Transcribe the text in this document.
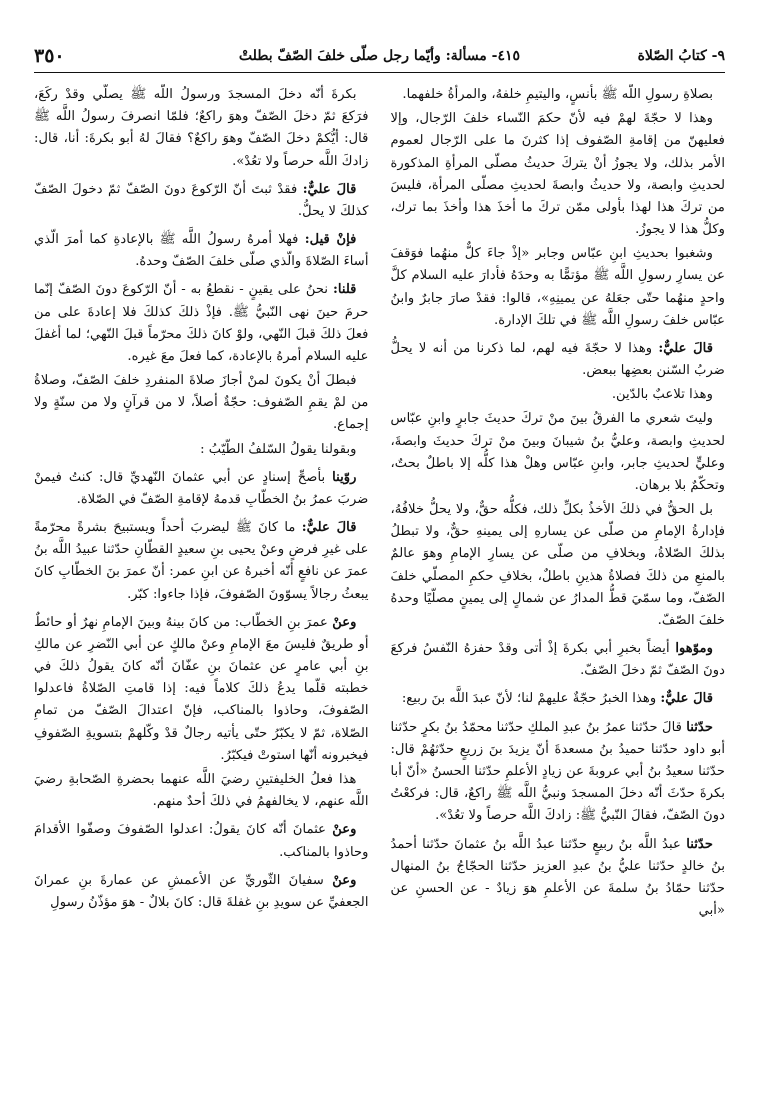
٩- كتابُ الصّلاة
٤١٥- مسألة: وأيّما رجل صلّى خلفَ الصّفّ بطلتْ
٣٥٠

بصلاةِ رسولِ اللَّه ﷺ بأنسٍ، واليتيمِ خلفهُ، والمرأةُ خلفهما.

وهذا لا حجّةَ لهمْ فيه لأنّ حكمَ النّساء خلفَ الرّجال، وإلا فعليهنّ من إقامةِ الصّفوف إذا كثرنَ ما على الرّجال لعموم الأمر بذلك، ولا يجوزُ أنْ يتركَ حديثُ مصلّى المرأةِ المذكورة لحديثِ وابصة، ولا حديثُ وابصةَ لحديثِ مصلّى المرأة، فليسَ من تركَ هذا لهذا بأولى ممّن تركَ ما أخذَ هذا وأخذَ بما ترك، وكلُّ هذا لا يجوزُ.

وشغبوا بحديثِ ابنِ عبّاس وجابر «إذْ جاءَ كلٌّ منهُما فوَقفَ عن يسارِ رسولِ اللَّه ﷺ مؤتمًّا به وحدَهُ فأدارَ عليه السلام كلَّ واحدٍ منهُما حتّى جعَلهُ عن يمينِهِ»، قالوا: فقدْ صارَ جابرٌ وابنُ عبّاس خلفَ رسولِ اللَّه ﷺ في تلكَ الإدارة.

قالَ عليٌّ: وهذا لا حجّةَ فيه لهم، لما ذكرنا من أنه لا يحلُّ ضربُ السّنن بعضِها ببعض.

وهذا تلاعبٌ بالدّين.

وليتَ شعري ما الفرقُ بينَ منْ تركَ حديثَ جابرٍ وابنِ عبّاس لحديثِ وابصة، وعليُّ بنُ شيبانَ وبينَ منْ تركَ حديثَ وابصةَ، وعليٍّ لحديثِ جابر، وابنِ عبّاس وهلْ هذا كلُّه إلا باطلٌ بحتٌ، وتحكّمٌ بلا برهان.

بل الحقُّ في ذلكَ الأخذُ بكلِّ ذلك، فكلُّه حقٌّ، ولا يحلُّ خلافُهُ، فإدارةُ الإمامِ من صلّى عن يسارهِ إلى يمينهِ حقٌّ، ولا تبطلُ بذلكَ الصّلاةُ، وبخلافِ من صلّى عن يسارِ الإمامِ وهوَ عالمٌ بالمنعِ من ذلكَ فصلاةُ هذينِ باطلٌ، بخلافِ حكمِ المصلّي خلفَ الصّفّ، وما سمّيَ قطُّ المدارُ عن شمالٍ إلى يمينٍ مصلّيًا وحدهُ خلفَ الصّفّ.

وموّهوا أيضاً بخبرِ أبي بكرةَ إذْ أتى وقدْ حفزهُ النّفسُ فركعَ دونَ الصّفّ ثمّ دخلَ الصّفّ.

قالَ عليٌّ: وهذا الخبرُ حجّةٌ عليهمْ لنا؛ لأنّ عبدَ اللَّه بنَ ربيع:

حدّثنا قالَ حدّثنا عمرُ بنُ عبدِ الملكِ حدّثنا محمّدُ بنُ بكرٍ حدّثنا أبو داود حدّثنا حميدُ بنُ مسعدةَ أنّ يزيدَ بنَ زريعٍ حدّثهُمْ قال: حدّثنا سعيدُ بنُ أبي عروبةَ عن زيادٍ الأعلمِ حدّثنا الحسنُ «أنّ أبا بكرةَ حدّثَ أنّه دخلَ المسجدَ ونبيُّ اللَّه ﷺ راكعٌ، قال: فركعْتُ دونَ الصّفّ، فقالَ النّبيُّ ﷺ: زادكَ اللَّه حرصاً ولا تعُدْ».

حدّثنا عبدُ اللَّه بنُ ربيعٍ حدّثنا عبدُ اللَّه بنُ عثمانَ حدّثنا أحمدُ بنُ خالدٍ حدّثنا عليُّ بنُ عبدِ العزيز حدّثنا الحجّاجُ بنُ المنهال حدّثنا حمّادُ بنُ سلمةَ عن الأعلمِ هوَ زيادٌ - عن الحسنِ عن «أبي

بكرةَ أنّه دخلَ المسجدَ ورسولُ اللَّه ﷺ يصلّي وقدْ ركَعَ، فرَكعَ ثمّ دخلَ الصّفّ وهوَ راكعٌ؛ فلمّا انصرفَ رسولُ اللَّه ﷺ قال: أيُّكمْ دخلَ الصّفّ وهوَ راكعٌ؟ فقالَ لهُ أبو بكرةَ: أنا، قال: زادكَ اللَّه حرصاً ولا تعُدْ».

قالَ عليٌّ: فقدْ ثبتَ أنّ الرّكوعَ دونَ الصّفّ ثمّ دخولَ الصّفّ كذلكَ لا يحلُّ.

فإنْ قيل: فهلا أمرهُ رسولُ اللَّه ﷺ بالإعادةِ كما أمرَ الّذي أساءَ الصّلاةَ والّذي صلّى خلفَ الصّفّ وحدهُ.

قلنا: نحنُ على يقينٍ - نقطعُ به - أنّ الرّكوعَ دونَ الصّفّ إنّما حرمَ حينَ نهى النّبيُّ ﷺ. فإذْ ذلكَ كذلكَ فلا إعادةَ على من فعلَ ذلكَ قبلَ النّهي، ولوْ كانَ ذلكَ محرّماً قبلَ النّهي؛ لما أغفلَ عليه السلام أمرهُ بالإعادة، كما فعلَ معَ غيره.

فبطلَ أنْ يكونَ لمنْ أجازَ صلاةَ المنفردِ خلفَ الصّفّ، وصلاةُ من لمْ يقمِ الصّفوف: حجّةٌ أصلاً، لا من قرآنٍ ولا من سنّةٍ ولا إجماع.

وبقولنا يقولُ السّلفُ الطّيّبُ :

روّينا بأصحِّ إسنادٍ عن أبي عثمانَ النّهديِّ قال: كنتُ فيمنْ ضربَ عمرُ بنُ الخطّابِ قدمهُ لإقامةِ الصّفّ في الصّلاة.

قالَ عليٌّ: ما كانَ ﷺ ليضربَ أحداً ويستبيحَ بشرةً محرّمةً على غيرِ فرضٍ وعنْ يحيى بنِ سعيدٍ القطّانِ حدّثنا عبيدُ اللَّه بنُ عمرَ عن نافعٍ أنّه أخبرهُ عن ابنِ عمر: أنّ عمرَ بنَ الخطّابِ كانَ يبعثُ رجالاً يسوّونَ الصّفوفَ، فإذا جاءوا: كبّر.

وعنْ عمرَ بنِ الخطّاب: من كانَ بينهُ وبينَ الإمامِ نهرٌ أو حائطٌ أو طريقٌ فليسَ معَ الإمامِ وعنْ مالكٍ عن أبي النّضرِ عن مالكِ بنِ أبي عامرٍ عن عثمانَ بنِ عفّانَ أنّه كانَ يقولُ ذلكَ في خطبته قلّما يدعُ ذلكَ كلاماً فيه: إذا قامتِ الصّلاةُ فاعدلوا الصّفوفَ، وحاذوا بالمناكب، فإنّ اعتدالَ الصّفّ من تمامِ الصّلاة، ثمّ لا يكبّرُ حتّى يأتيه رجالٌ قدْ وكّلهمْ بتسويةِ الصّفوفِ فيخبرونه أنّها استوتْ فيكبّرُ.

هذا فعلُ الخليفتينِ رضيَ اللَّه عنهما بحضرةِ الصّحابةِ رضيَ اللَّه عنهم، لا يخالفهمُ في ذلكَ أحدٌ منهم.

وعنْ عثمانَ أنّه كانَ يقولُ: اعدلوا الصّفوفَ وصفّوا الأقدامَ وحاذوا بالمناكب.

وعنْ سفيانَ الثّوريِّ عن الأعمشِ عن عمارةَ بنِ عمرانَ الجعفيِّ عن سويدِ بنِ غفلةَ قال: كانَ بلالٌ - هوَ مؤذّنُ رسولِ
